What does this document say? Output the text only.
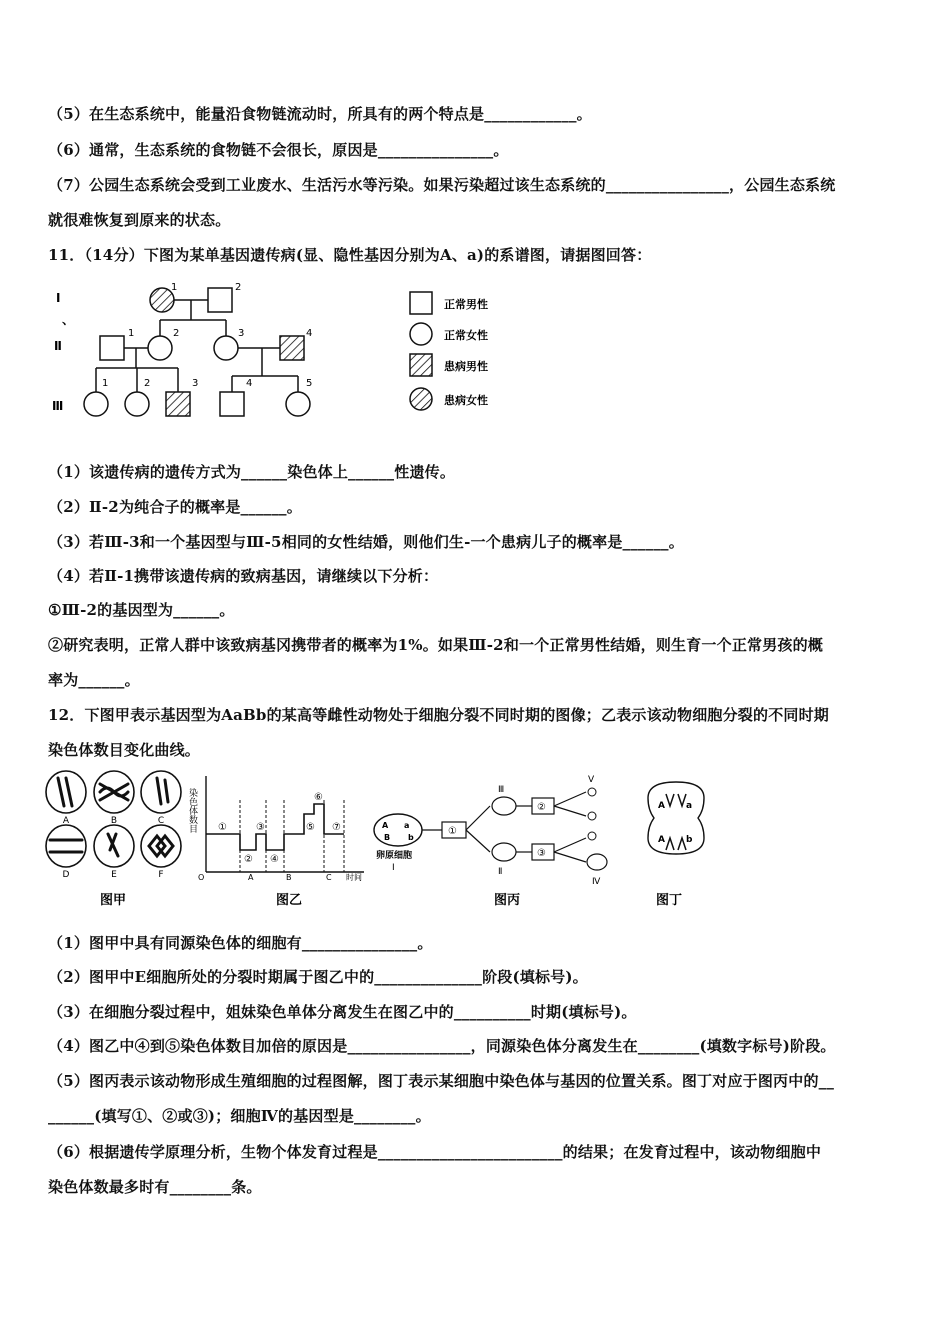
（5）在生态系统中，能量沿食物链流动时，所具有的两个特点是____________。
（6）通常，生态系统的食物链不会很长，原因是_______________。
（7）公园生态系统会受到工业废水、生活污水等污染。如果污染超过该生态系统的________________，公园生态系统
就很难恢复到原来的状态。
11．（14分）下图为某单基因遗传病(显、隐性基因分别为A、a)的系谱图，请据图回答：
Ⅰ
、
Ⅱ
Ⅲ
1	2
1	2	3	4
1	2	3	4	5
正常男性
正常女性
患病男性
患病女性
（1）该遗传病的遗传方式为______染色体上______性遗传。
（2）Ⅱ-2为纯合子的概率是______。
（3）若Ⅲ-3和一个基因型与Ⅲ-5相同的女性结婚，则他们生-一个患病儿子的概率是______。
（4）若Ⅱ-1携带该遗传病的致病基因，请继续以下分析：
①Ⅲ-2的基因型为______。
②研究表明，正常人群中该致病基冈携带者的概率为1%。如果Ⅲ-2和一个正常男性结婚，则生育一个正常男孩的概
率为______。
12．下图甲表示基因型为AaBb的某高等雌性动物处于细胞分裂不同时期的图像；乙表示该动物细胞分裂的不同时期
染色体数目变化曲线。
A	B	C
D	E	F
图甲
染色体数目 ①
②
③
④
⑤
⑥
⑦
O	A	B	C 时间
图乙
A a
B b
卵原细胞
Ⅰ
①
Ⅲ
Ⅱ
②
③
Ⅴ
Ⅳ
图丙
A a
A b
图丁
（1）图甲中具有同源染色体的细胞有_______________。
（2）图甲中E细胞所处的分裂时期属于图乙中的______________阶段(填标号)。
（3）在细胞分裂过程中，姐妹染色单体分离发生在图乙中的__________时期(填标号)。
（4）图乙中④到⑤染色体数目加倍的原因是________________，同源染色体分离发生在________(填数字标号)阶段。
（5）图丙表示该动物形成生殖细胞的过程图解，图丁表示某细胞中染色体与基因的位置关系。图丁对应于图丙中的__
______(填写①、②或③)；细胞Ⅳ的基因型是________。
（6）根据遗传学原理分析，生物个体发育过程是________________________的结果；在发育过程中，该动物细胞中
染色体数最多时有________条。
